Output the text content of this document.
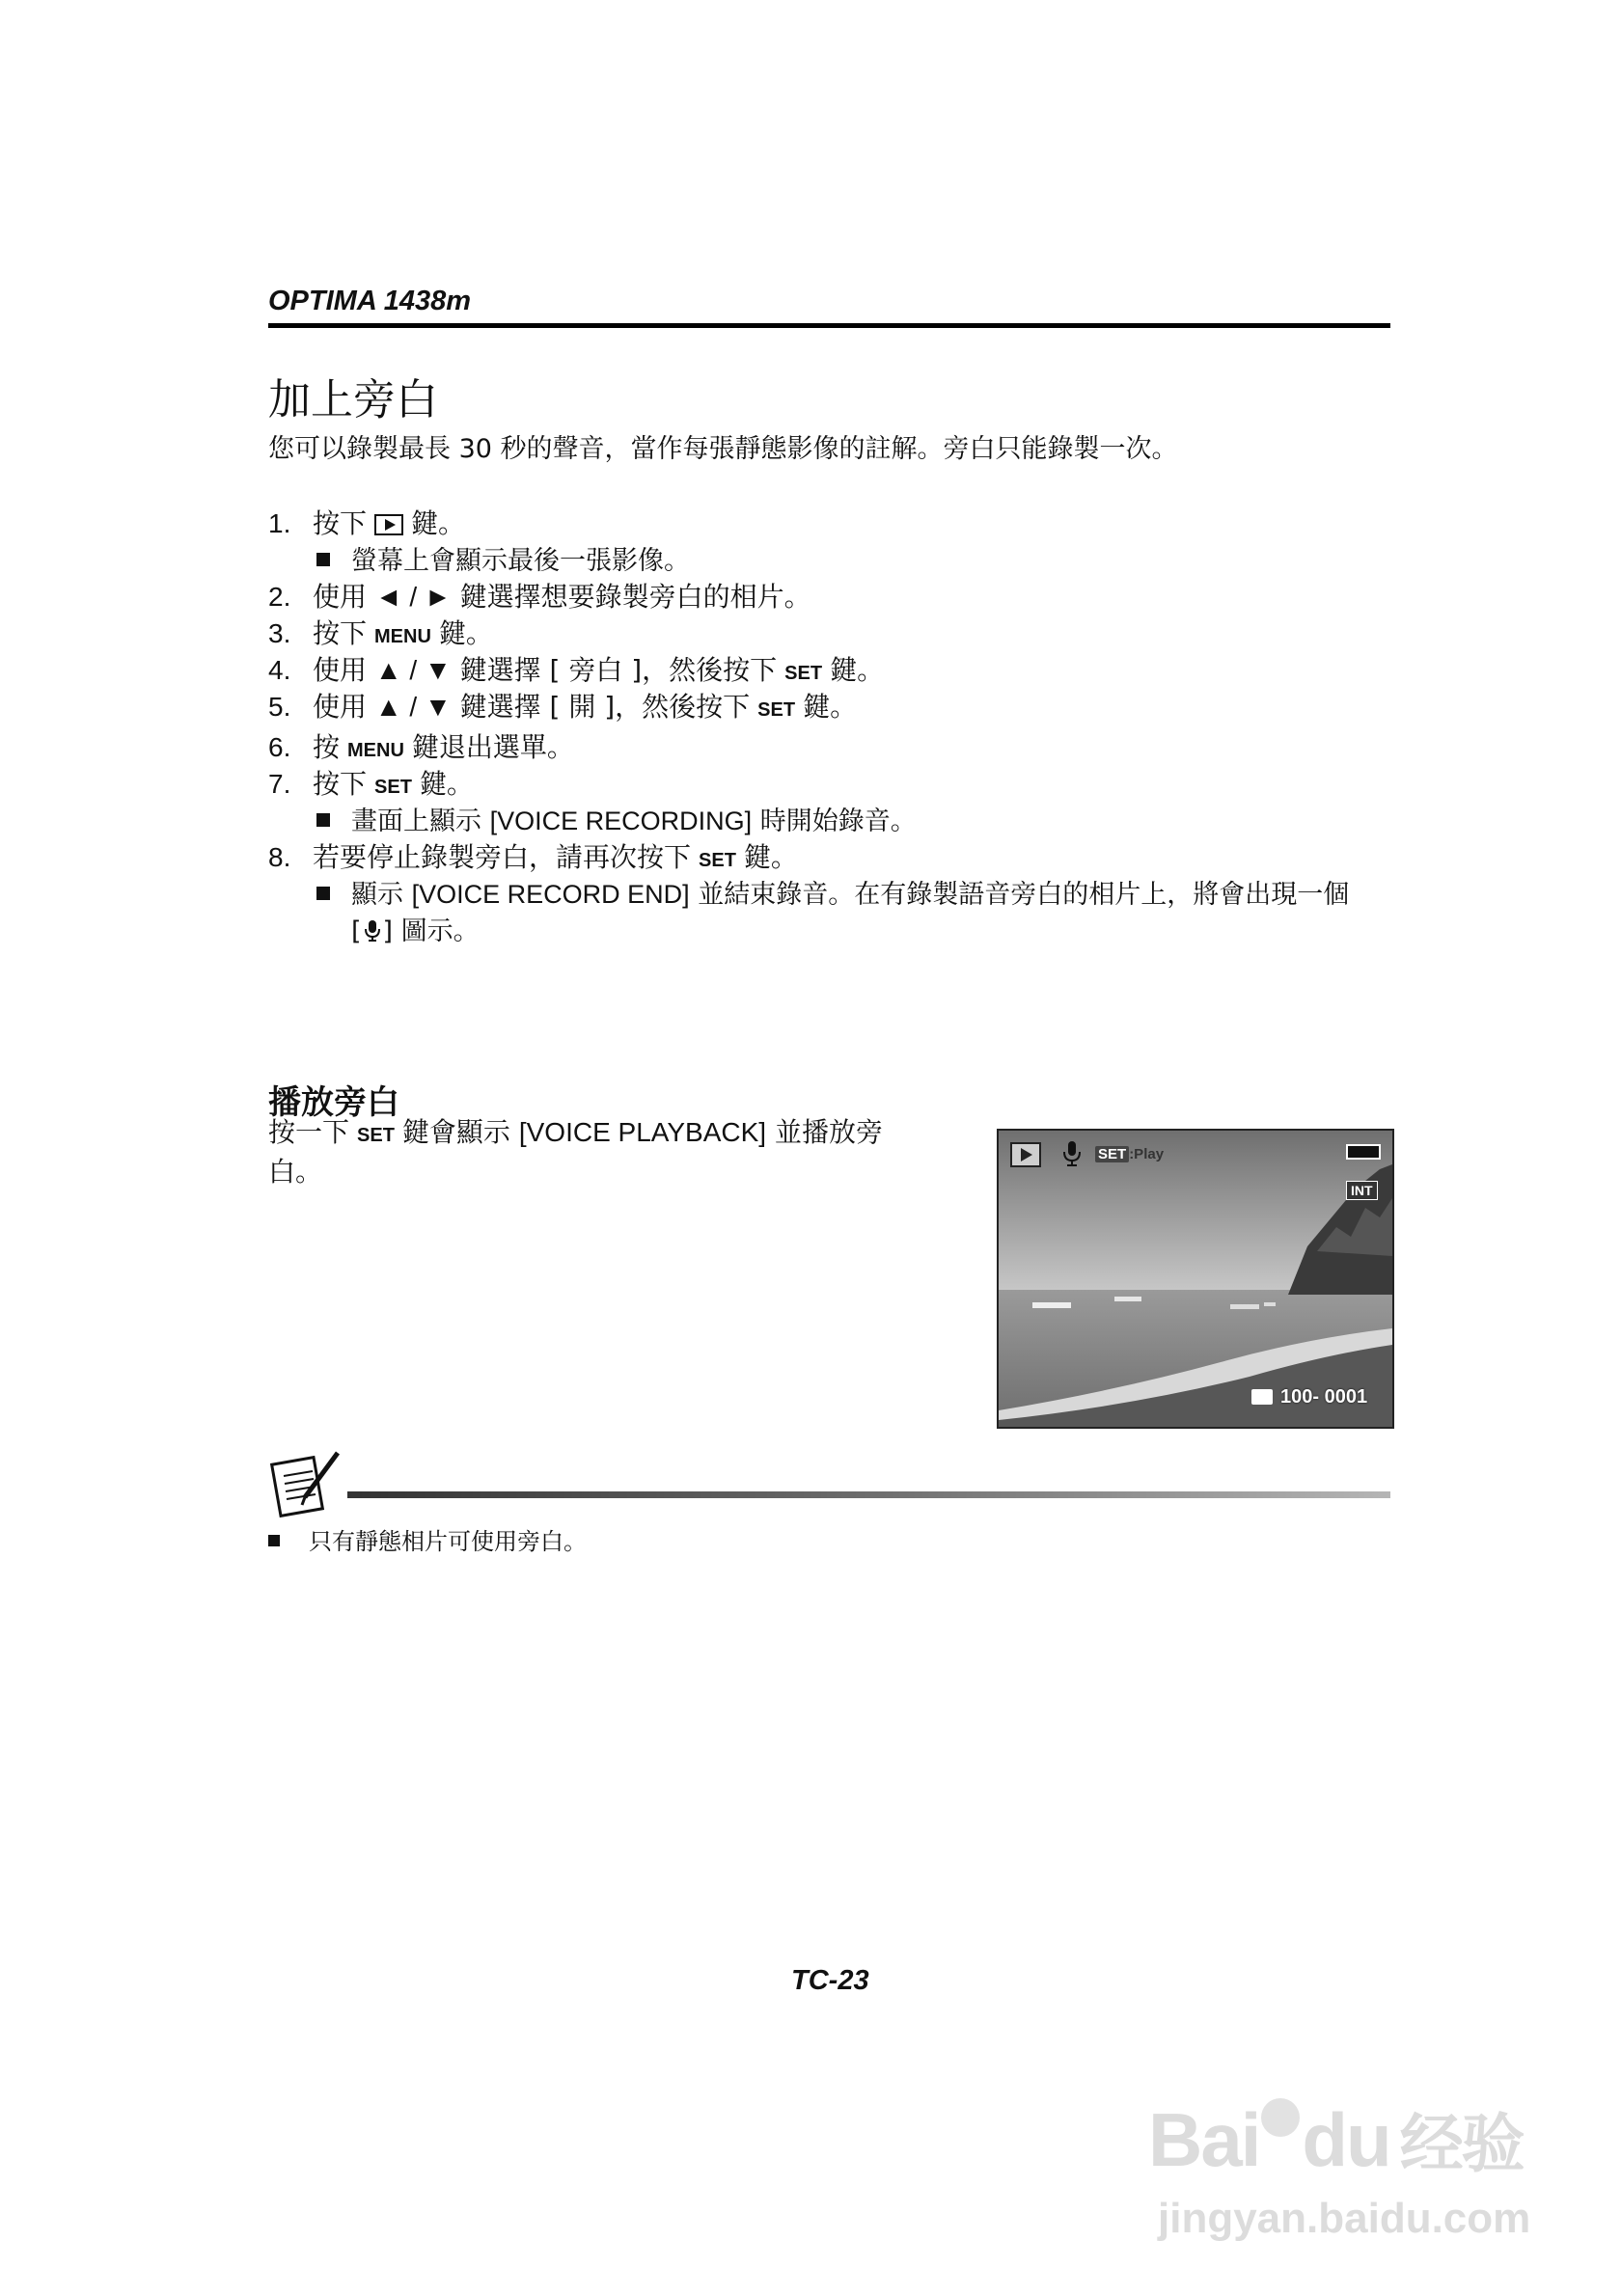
OPTIMA 1438m
加上旁白
您可以錄製最長 30 秒的聲音，當作每張靜態影像的註解。旁白只能錄製一次。
1. 按下 鍵。
螢幕上會顯示最後一張影像。
2. 使用 ◄ / ► 鍵選擇想要錄製旁白的相片。
3. 按下 MENU 鍵。
4. 使用 ▲ / ▼ 鍵選擇 [ 旁白 ]，然後按下 SET 鍵。
5. 使用 ▲ / ▼ 鍵選擇 [ 開 ]，然後按下 SET 鍵。
6. 按 MENU 鍵退出選單。
7. 按下 SET 鍵。
畫面上顯示 [VOICE RECORDING] 時開始錄音。
8. 若要停止錄製旁白，請再次按下 SET 鍵。
顯示 [VOICE RECORD END] 並結束錄音。在有錄製語音旁白的相片上，將會出現一個
[ ] 圖示。
播放旁白
按一下 SET 鍵會顯示 [VOICE PLAYBACK] 並播放旁
白。
SET :Play
INT
100- 0001
只有靜態相片可使用旁白。
TC-23
Bai du 经验
jingyan.baidu.com
